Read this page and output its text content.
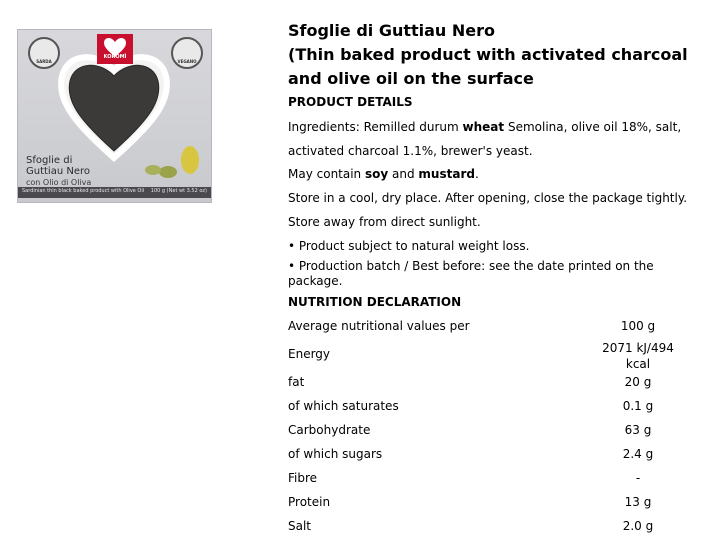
KOROMÌ
SARDA	VEGANO
Sfoglie di
Guttiau Nero
con Olio di Oliva
Sardinian thin black baked product with Olive Oil 100 g (Net wt 3.52 oz)
Sfoglie di Guttiau Nero
(Thin baked product with activated charcoal
and olive oil on the surface
PRODUCT DETAILS
Ingredients: Remilled durum wheat Semolina, olive oil 18%, salt,
activated charcoal 1.1%, brewer's yeast.
May contain soy and mustard.
Store in a cool, dry place. After opening, close the package tightly.
Store away from direct sunlight.
• Product subject to natural weight loss.
• Production batch / Best before: see the date printed on the package.
NUTRITION DECLARATION
Average nutritional values per	100 g
Energy	2071 kJ/494 kcal
fat	20 g
of which saturates	0.1 g
Carbohydrate	63 g
of which sugars	2.4 g
Fibre	-
Protein	13 g
Salt	2.0 g
